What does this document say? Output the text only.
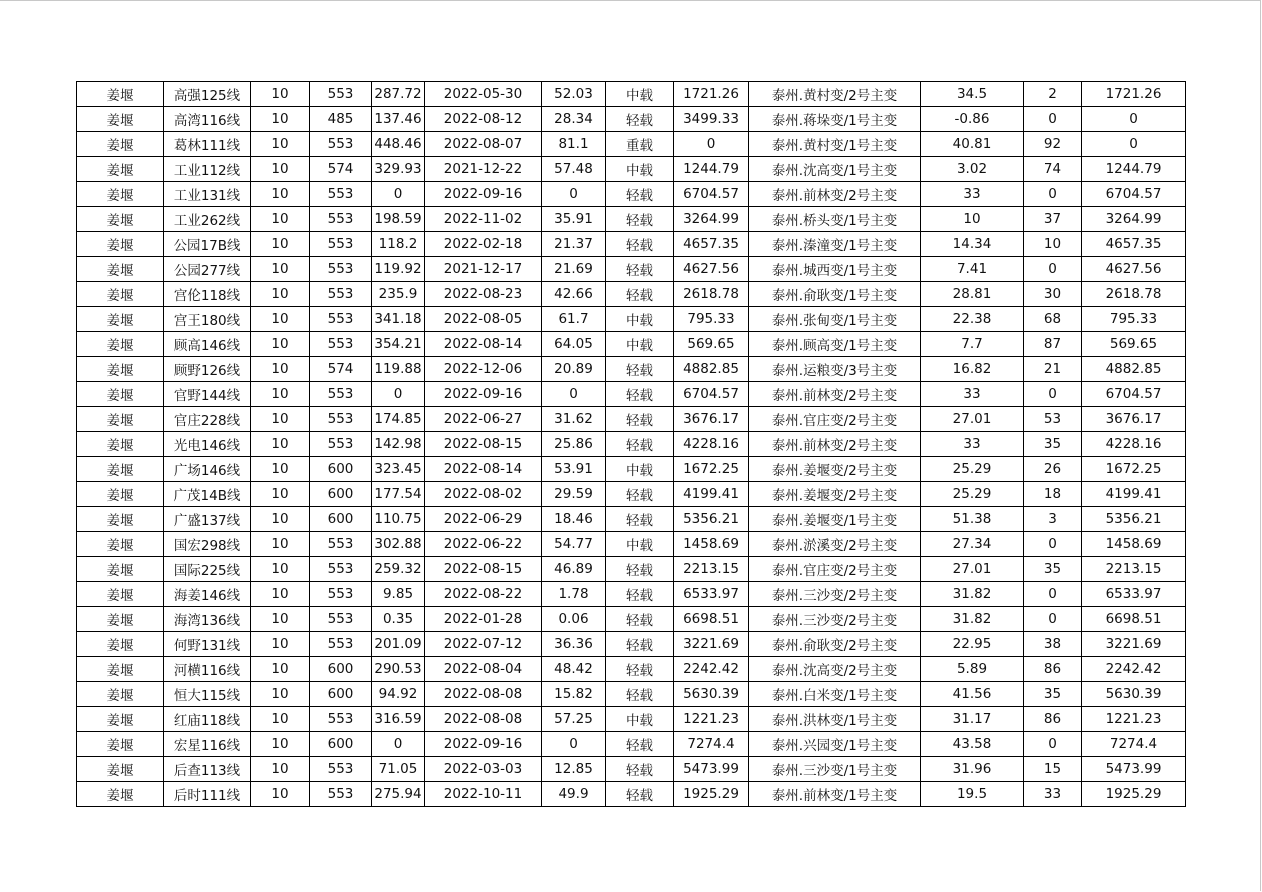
姜堰	高强125线	10	553	287.72	2022-05-30	52.03	中载	1721.26	泰州.黄村变/2号主变	34.5	2	1721.26
姜堰	高湾116线	10	485	137.46	2022-08-12	28.34	轻载	3499.33	泰州.蒋垛变/1号主变	-0.86	0	0
姜堰	葛林111线	10	553	448.46	2022-08-07	81.1	重载	0	泰州.黄村变/1号主变	40.81	92	0
姜堰	工业112线	10	574	329.93	2021-12-22	57.48	中载	1244.79	泰州.沈高变/1号主变	3.02	74	1244.79
姜堰	工业131线	10	553	0	2022-09-16	0	轻载	6704.57	泰州.前林变/2号主变	33	0	6704.57
姜堰	工业262线	10	553	198.59	2022-11-02	35.91	轻载	3264.99	泰州.桥头变/1号主变	10	37	3264.99
姜堰	公园17B线	10	553	118.2	2022-02-18	21.37	轻载	4657.35	泰州.溱潼变/1号主变	14.34	10	4657.35
姜堰	公园277线	10	553	119.92	2021-12-17	21.69	轻载	4627.56	泰州.城西变/1号主变	7.41	0	4627.56
姜堰	宫伦118线	10	553	235.9	2022-08-23	42.66	轻载	2618.78	泰州.俞耿变/1号主变	28.81	30	2618.78
姜堰	宫王180线	10	553	341.18	2022-08-05	61.7	中载	795.33	泰州.张甸变/1号主变	22.38	68	795.33
姜堰	顾高146线	10	553	354.21	2022-08-14	64.05	中载	569.65	泰州.顾高变/1号主变	7.7	87	569.65
姜堰	顾野126线	10	574	119.88	2022-12-06	20.89	轻载	4882.85	泰州.运粮变/3号主变	16.82	21	4882.85
姜堰	官野144线	10	553	0	2022-09-16	0	轻载	6704.57	泰州.前林变/2号主变	33	0	6704.57
姜堰	官庄228线	10	553	174.85	2022-06-27	31.62	轻载	3676.17	泰州.官庄变/2号主变	27.01	53	3676.17
姜堰	光电146线	10	553	142.98	2022-08-15	25.86	轻载	4228.16	泰州.前林变/2号主变	33	35	4228.16
姜堰	广场146线	10	600	323.45	2022-08-14	53.91	中载	1672.25	泰州.姜堰变/2号主变	25.29	26	1672.25
姜堰	广茂14B线	10	600	177.54	2022-08-02	29.59	轻载	4199.41	泰州.姜堰变/2号主变	25.29	18	4199.41
姜堰	广盛137线	10	600	110.75	2022-06-29	18.46	轻载	5356.21	泰州.姜堰变/1号主变	51.38	3	5356.21
姜堰	国宏298线	10	553	302.88	2022-06-22	54.77	中载	1458.69	泰州.淤溪变/2号主变	27.34	0	1458.69
姜堰	国际225线	10	553	259.32	2022-08-15	46.89	轻载	2213.15	泰州.官庄变/2号主变	27.01	35	2213.15
姜堰	海姜146线	10	553	9.85	2022-08-22	1.78	轻载	6533.97	泰州.三沙变/2号主变	31.82	0	6533.97
姜堰	海湾136线	10	553	0.35	2022-01-28	0.06	轻载	6698.51	泰州.三沙变/2号主变	31.82	0	6698.51
姜堰	何野131线	10	553	201.09	2022-07-12	36.36	轻载	3221.69	泰州.俞耿变/2号主变	22.95	38	3221.69
姜堰	河横116线	10	600	290.53	2022-08-04	48.42	轻载	2242.42	泰州.沈高变/2号主变	5.89	86	2242.42
姜堰	恒大115线	10	600	94.92	2022-08-08	15.82	轻载	5630.39	泰州.白米变/1号主变	41.56	35	5630.39
姜堰	红庙118线	10	553	316.59	2022-08-08	57.25	中载	1221.23	泰州.洪林变/1号主变	31.17	86	1221.23
姜堰	宏星116线	10	600	0	2022-09-16	0	轻载	7274.4	泰州.兴园变/1号主变	43.58	0	7274.4
姜堰	后查113线	10	553	71.05	2022-03-03	12.85	轻载	5473.99	泰州.三沙变/1号主变	31.96	15	5473.99
姜堰	后时111线	10	553	275.94	2022-10-11	49.9	轻载	1925.29	泰州.前林变/1号主变	19.5	33	1925.29
